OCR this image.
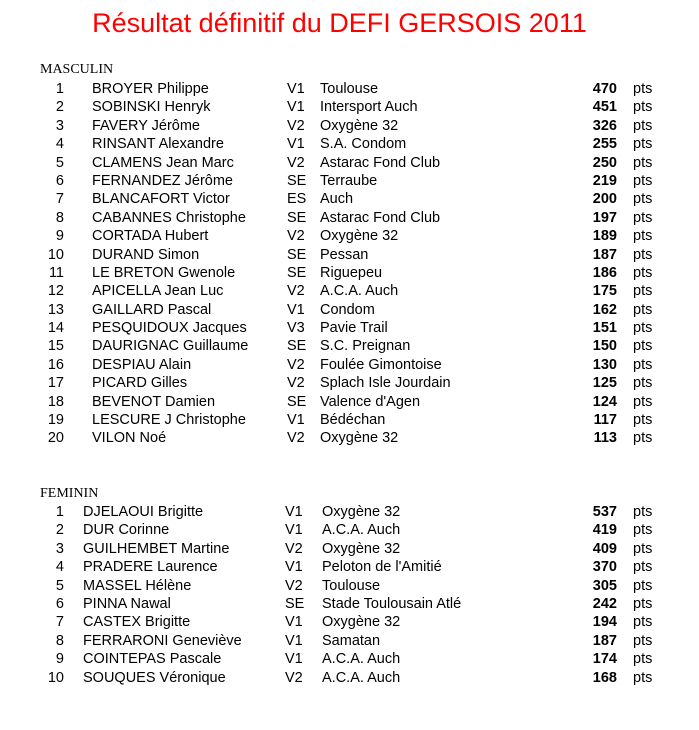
Résultat définitif du DEFI GERSOIS 2011
MASCULIN
1 BROYER Philippe	V1 Toulouse	470 pts
2 SOBINSKI Henryk	V1 Intersport Auch	451 pts
3 FAVERY Jérôme	V2 Oxygène 32	326 pts
4 RINSANT Alexandre	V1 S.A. Condom	255 pts
5 CLAMENS Jean Marc	V2 Astarac Fond Club	250 pts
6 FERNANDEZ Jérôme	SE Terraube	219 pts
7 BLANCAFORT Victor	ES Auch	200 pts
8 CABANNES Christophe	SE Astarac Fond Club	197 pts
9 CORTADA Hubert	V2 Oxygène 32	189 pts
10 DURAND Simon	SE Pessan	187 pts
11 LE BRETON Gwenole	SE Riguepeu	186 pts
12 APICELLA Jean Luc	V2 A.C.A. Auch	175 pts
13 GAILLARD Pascal	V1 Condom	162 pts
14 PESQUIDOUX Jacques	V3 Pavie Trail	151 pts
15 DAURIGNAC Guillaume	SE S.C. Preignan	150 pts
16 DESPIAU Alain	V2 Foulée Gimontoise	130 pts
17 PICARD Gilles	V2 Splach Isle Jourdain	125 pts
18 BEVENOT Damien	SE Valence d'Agen	124 pts
19 LESCURE J Christophe	V1 Bédéchan	117 pts
20 VILON Noé	V2 Oxygène 32	113 pts
FEMININ
1 DJELAOUI Brigitte	V1 Oxygène 32	537 pts
2 DUR Corinne	V1 A.C.A. Auch	419 pts
3 GUILHEMBET Martine	V2 Oxygène 32	409 pts
4 PRADERE Laurence	V1 Peloton de l'Amitié	370 pts
5 MASSEL Hélène	V2 Toulouse	305 pts
6 PINNA Nawal	SE Stade Toulousain Atlé	242 pts
7 CASTEX Brigitte	V1 Oxygène 32	194 pts
8 FERRARONI Geneviève	V1 Samatan	187 pts
9 COINTEPAS Pascale	V1 A.C.A. Auch	174 pts
10 SOUQUES Véronique	V2 A.C.A. Auch	168 pts
